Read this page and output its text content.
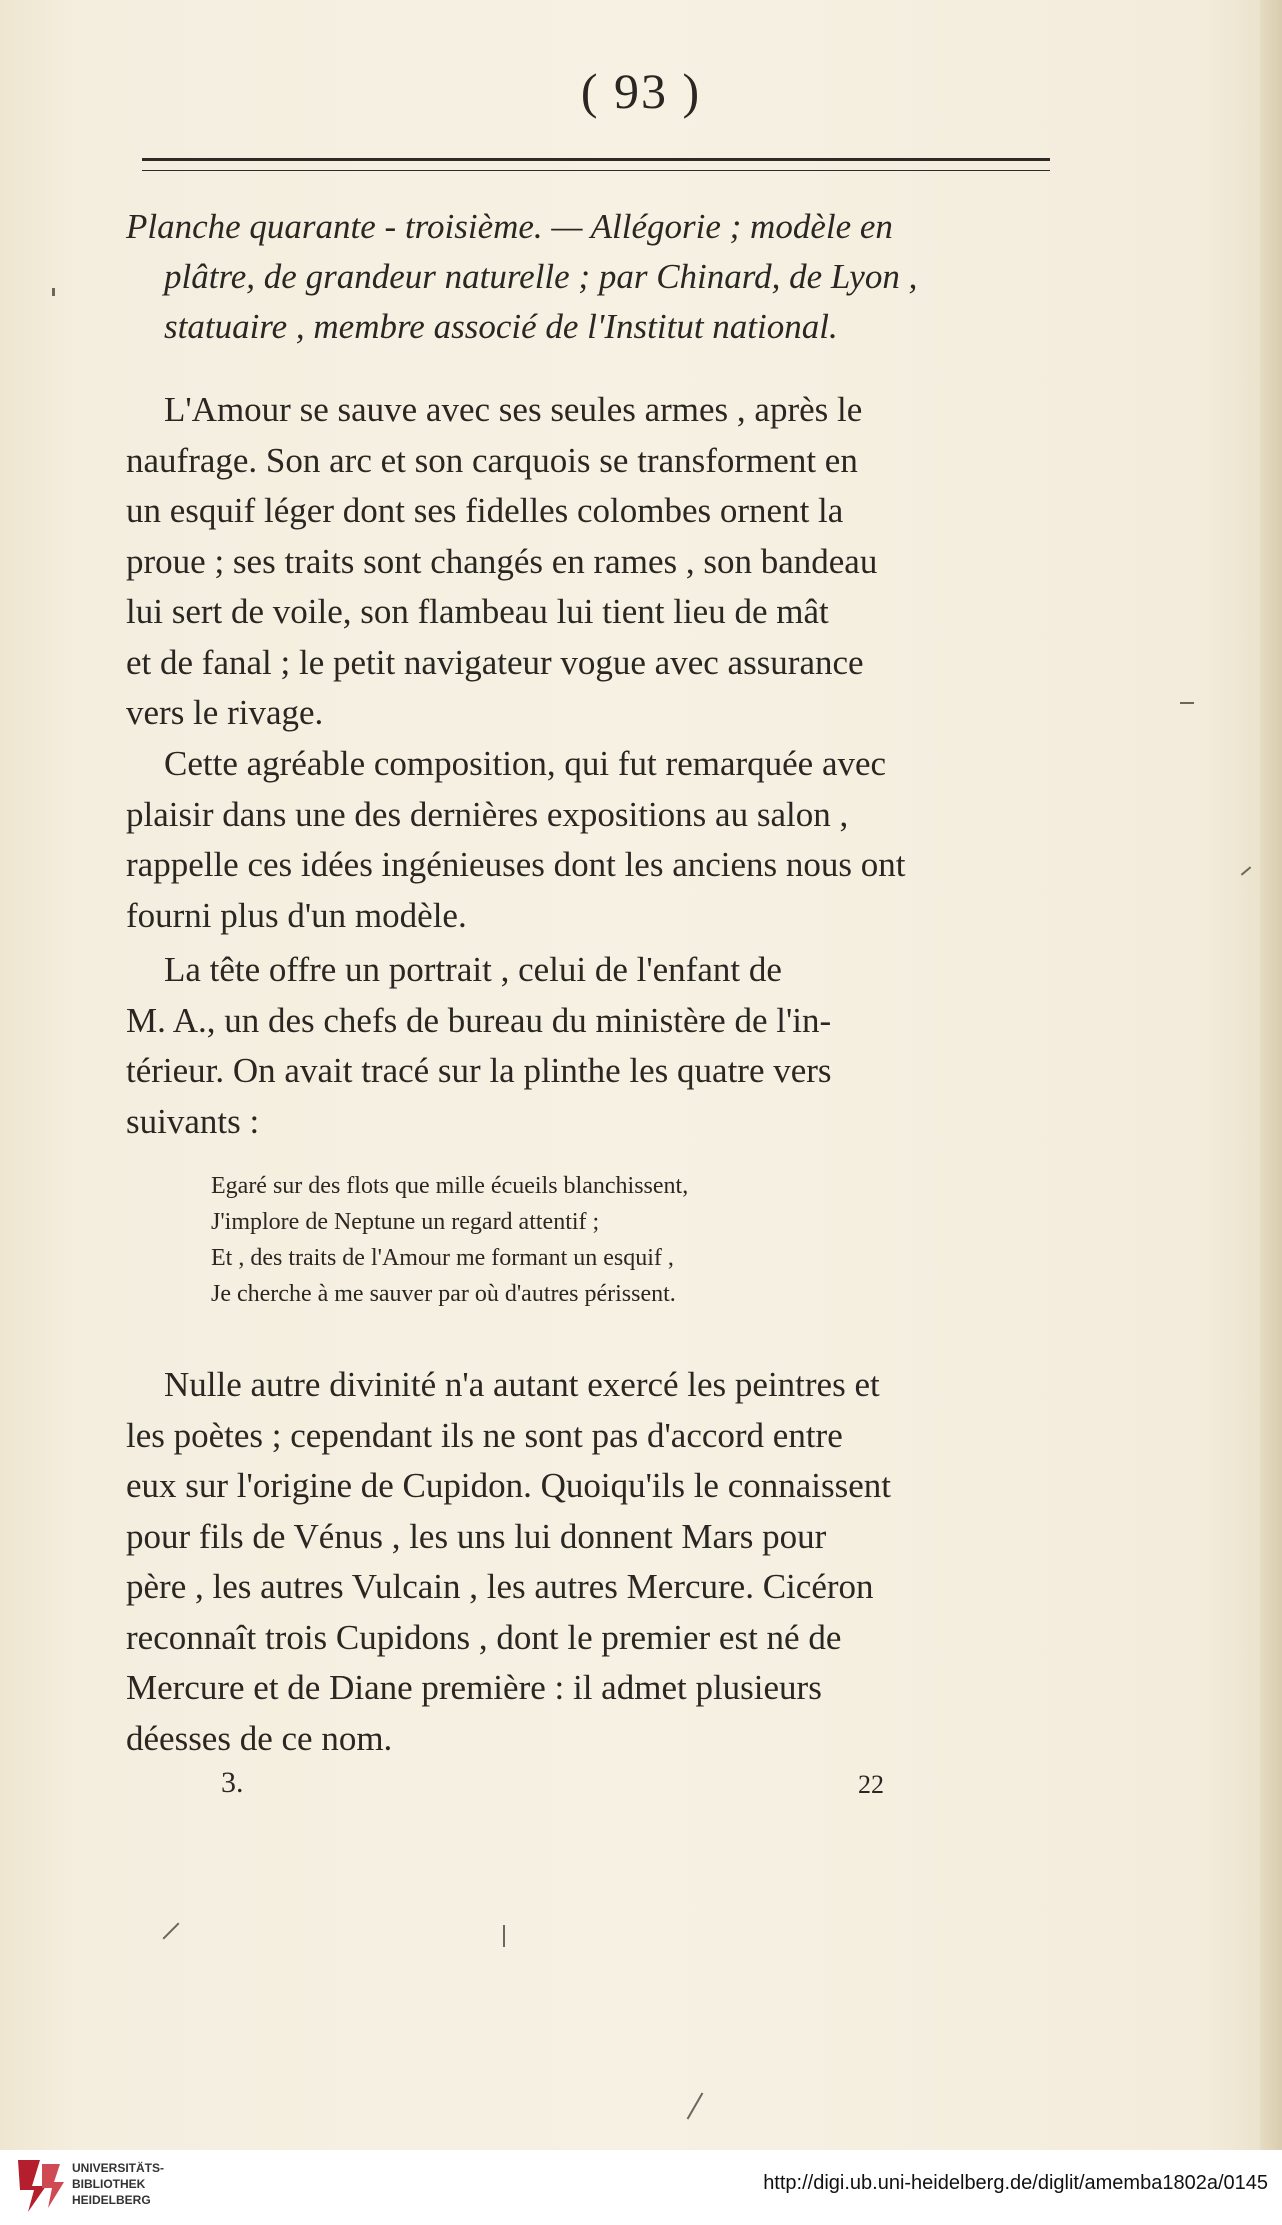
( 93 )
Planche quarante - troisième. — Allégorie ; modèle en
plâtre, de grandeur naturelle ; par Chinard, de Lyon ,
statuaire , membre associé de l'Institut national.
L'Amour se sauve avec ses seules armes , après le
naufrage. Son arc et son carquois se transforment en
un esquif léger dont ses fidelles colombes ornent la
proue ; ses traits sont changés en rames , son bandeau
lui sert de voile, son flambeau lui tient lieu de mât
et de fanal ; le petit navigateur vogue avec assurance
vers le rivage.
Cette agréable composition, qui fut remarquée avec
plaisir dans une des dernières expositions au salon ,
rappelle ces idées ingénieuses dont les anciens nous ont
fourni plus d'un modèle.
La tête offre un portrait , celui de l'enfant de
M. A., un des chefs de bureau du ministère de l'in-
térieur. On avait tracé sur la plinthe les quatre vers
suivants :
Egaré sur des flots que mille écueils blanchissent,
J'implore de Neptune un regard attentif ;
Et , des traits de l'Amour me formant un esquif ,
Je cherche à me sauver par où d'autres périssent.
Nulle autre divinité n'a autant exercé les peintres et
les poètes ; cependant ils ne sont pas d'accord entre
eux sur l'origine de Cupidon. Quoiqu'ils le connaissent
pour fils de Vénus , les uns lui donnent Mars pour
père , les autres Vulcain , les autres Mercure. Cicéron
reconnaît trois Cupidons , dont le premier est né de
Mercure et de Diane première : il admet plusieurs
déesses de ce nom.
3.	22
UNIVERSITÄTS-
BIBLIOTHEK
HEIDELBERG
http://digi.ub.uni-heidelberg.de/diglit/amemba1802a/0145
